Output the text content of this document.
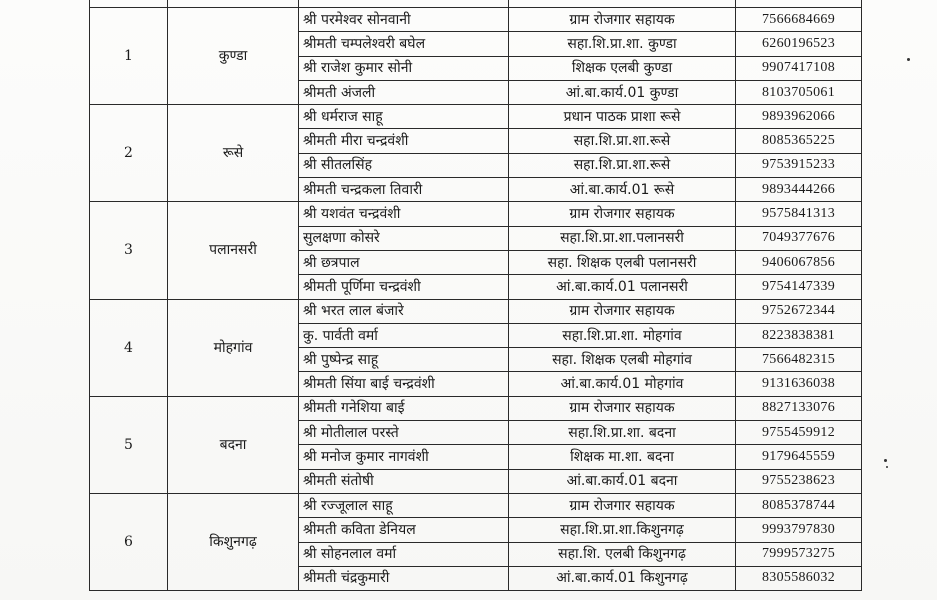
1	कुण्डा	श्री परमेश्वर सोनवानी	ग्राम रोजगार सहायक	7566684669
		श्रीमती चम्पलेश्वरी बघेल	सहा.शि.प्रा.शा. कुण्डा	6260196523
		श्री राजेश कुमार सोनी	शिक्षक एलबी कुण्डा	9907417108
		श्रीमती अंजली	आं.बा.कार्य.01 कुण्डा	8103705061
2	रूसे	श्री धर्मराज साहू	प्रधान पाठक प्राशा रूसे	9893962066
		श्रीमती मीरा चन्द्रवंशी	सहा.शि.प्रा.शा.रूसे	8085365225
		श्री सीतलसिंह	सहा.शि.प्रा.शा.रूसे	9753915233
		श्रीमती चन्द्रकला तिवारी	आं.बा.कार्य.01 रूसे	9893444266
3	पलानसरी	श्री यशवंत चन्द्रवंशी	ग्राम रोजगार सहायक	9575841313
		सुलक्षणा कोसरे	सहा.शि.प्रा.शा.पलानसरी	7049377676
		श्री छत्रपाल	सहा. शिक्षक एलबी पलानसरी	9406067856
		श्रीमती पूर्णिमा चन्द्रवंशी	आं.बा.कार्य.01 पलानसरी	9754147339
4	मोहगांव	श्री भरत लाल बंजारे	ग्राम रोजगार सहायक	9752672344
		कु. पार्वती वर्मा	सहा.शि.प्रा.शा. मोहगांव	8223838381
		श्री पुष्पेन्द्र साहू	सहा. शिक्षक एलबी मोहगांव	7566482315
		श्रीमती सिंया बाई चन्द्रवंशी	आं.बा.कार्य.01 मोहगांव	9131636038
5	बदना	श्रीमती गनेशिया बाई	ग्राम रोजगार सहायक	8827133076
		श्री मोतीलाल परस्ते	सहा.शि.प्रा.शा. बदना	9755459912
		श्री मनोज कुमार नागवंशी	शिक्षक मा.शा. बदना	9179645559
		श्रीमती संतोषी	आं.बा.कार्य.01 बदना	9755238623
6	किशुनगढ़	श्री रज्जूलाल साहू	ग्राम रोजगार सहायक	8085378744
		श्रीमती कविता डेनियल	सहा.शि.प्रा.शा.किशुनगढ़	9993797830
		श्री सोहनलाल वर्मा	सहा.शि. एलबी किशुनगढ़	7999573275
		श्रीमती चंद्रकुमारी	आं.बा.कार्य.01 किशुनगढ़	8305586032
